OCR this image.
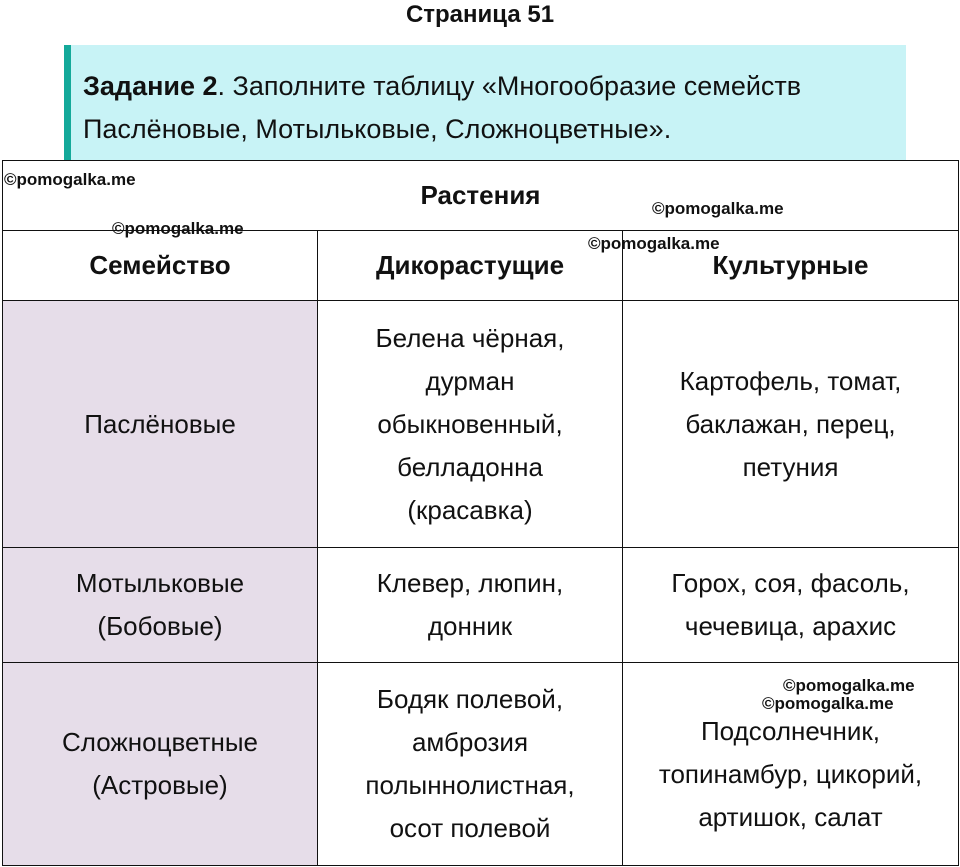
Страница 51
Задание 2. Заполните таблицу «Многообразие семейств
Паслёновые, Мотыльковые, Сложноцветные».
Растения		
Семейство	Дикорастущие	Культурные

Паслёновые	Белена чёрная,
дурман
обыкновенный,
белладонна
(красавка)	Картофель, томат,
баклажан, перец,
петуния

Мотыльковые
(Бобовые)	Клевер, люпин,
донник	Горох, соя, фасоль,
чечевица, арахис

Сложноцветные
(Астровые)	Бодяк полевой,
амброзия
полыннолистная,
осот полевой	Подсолнечник,
топинамбур, цикорий,
артишок, салат
©pomogalka.me
©pomogalka.me
©pomogalka.me
©pomogalka.me
©pomogalka.me
©pomogalka.me
